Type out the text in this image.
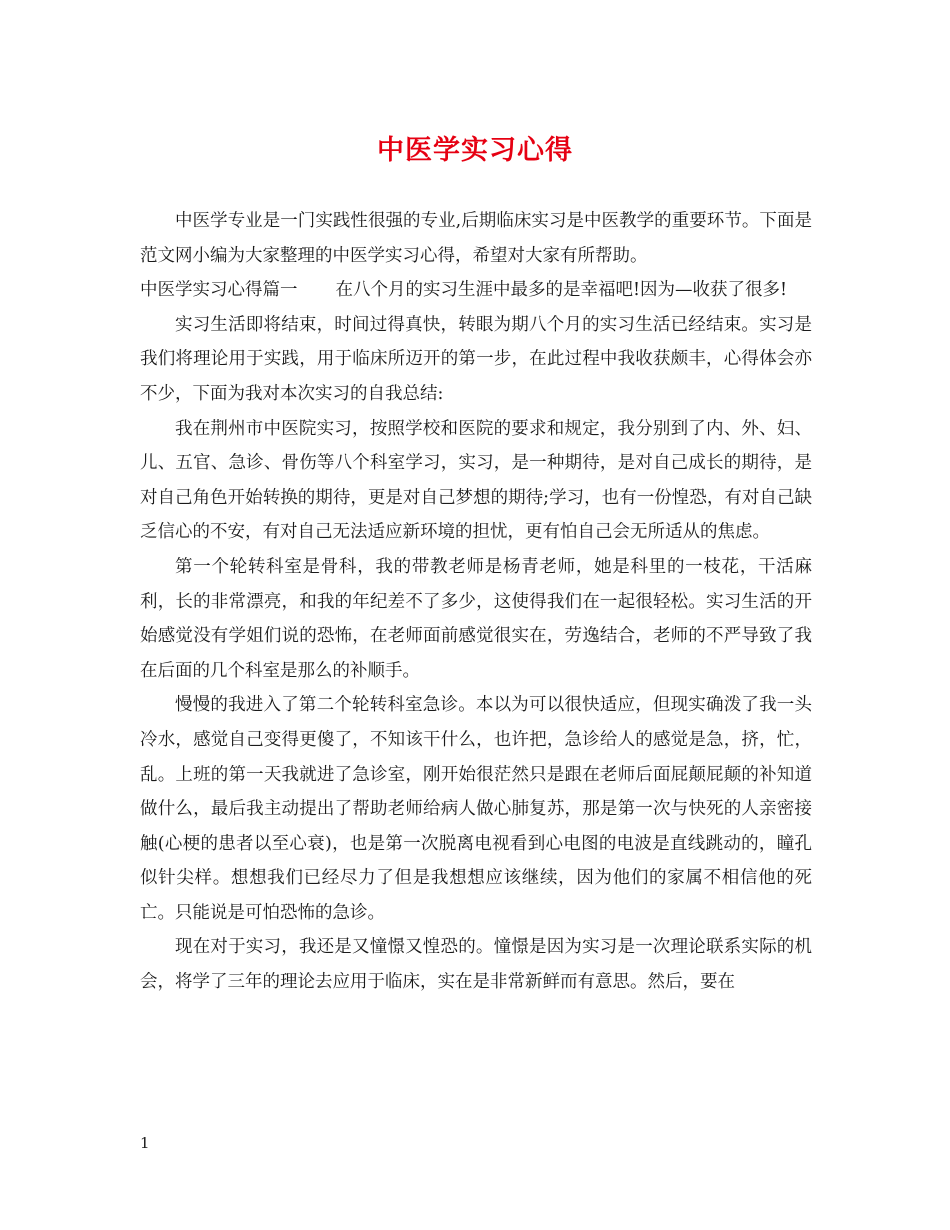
中医学实习心得

中医学专业是一门实践性很强的专业,后期临床实习是中医教学的重要环节。下面是范文网小编为大家整理的中医学实习心得，希望对大家有所帮助。

中医学实习心得篇一 在八个月的实习生涯中最多的是幸福吧!因为—收获了很多!

实习生活即将结束，时间过得真快，转眼为期八个月的实习生活已经结束。实习是我们将理论用于实践，用于临床所迈开的第一步，在此过程中我收获颇丰，心得体会亦不少，下面为我对本次实习的自我总结:

我在荆州市中医院实习，按照学校和医院的要求和规定，我分别到了内、外、妇、儿、五官、急诊、骨伤等八个科室学习，实习，是一种期待，是对自己成长的期待，是对自己角色开始转换的期待，更是对自己梦想的期待;学习，也有一份惶恐，有对自己缺乏信心的不安，有对自己无法适应新环境的担忧，更有怕自己会无所适从的焦虑。

第一个轮转科室是骨科，我的带教老师是杨青老师，她是科里的一枝花，干活麻利，长的非常漂亮，和我的年纪差不了多少，这使得我们在一起很轻松。实习生活的开始感觉没有学姐们说的恐怖，在老师面前感觉很实在，劳逸结合，老师的不严导致了我在后面的几个科室是那么的补顺手。

慢慢的我进入了第二个轮转科室急诊。本以为可以很快适应，但现实确泼了我一头冷水，感觉自己变得更傻了，不知该干什么，也许把，急诊给人的感觉是急，挤，忙，乱。上班的第一天我就进了急诊室，刚开始很茫然只是跟在老师后面屁颠屁颠的补知道做什么，最后我主动提出了帮助老师给病人做心肺复苏，那是第一次与快死的人亲密接触(心梗的患者以至心衰)，也是第一次脱离电视看到心电图的电波是直线跳动的，瞳孔似针尖样。想想我们已经尽力了但是我想想应该继续，因为他们的家属不相信他的死亡。只能说是可怕恐怖的急诊。

现在对于实习，我还是又憧憬又惶恐的。憧憬是因为实习是一次理论联系实际的机会，将学了三年的理论去应用于临床，实在是非常新鲜而有意思。然后，要在

1
